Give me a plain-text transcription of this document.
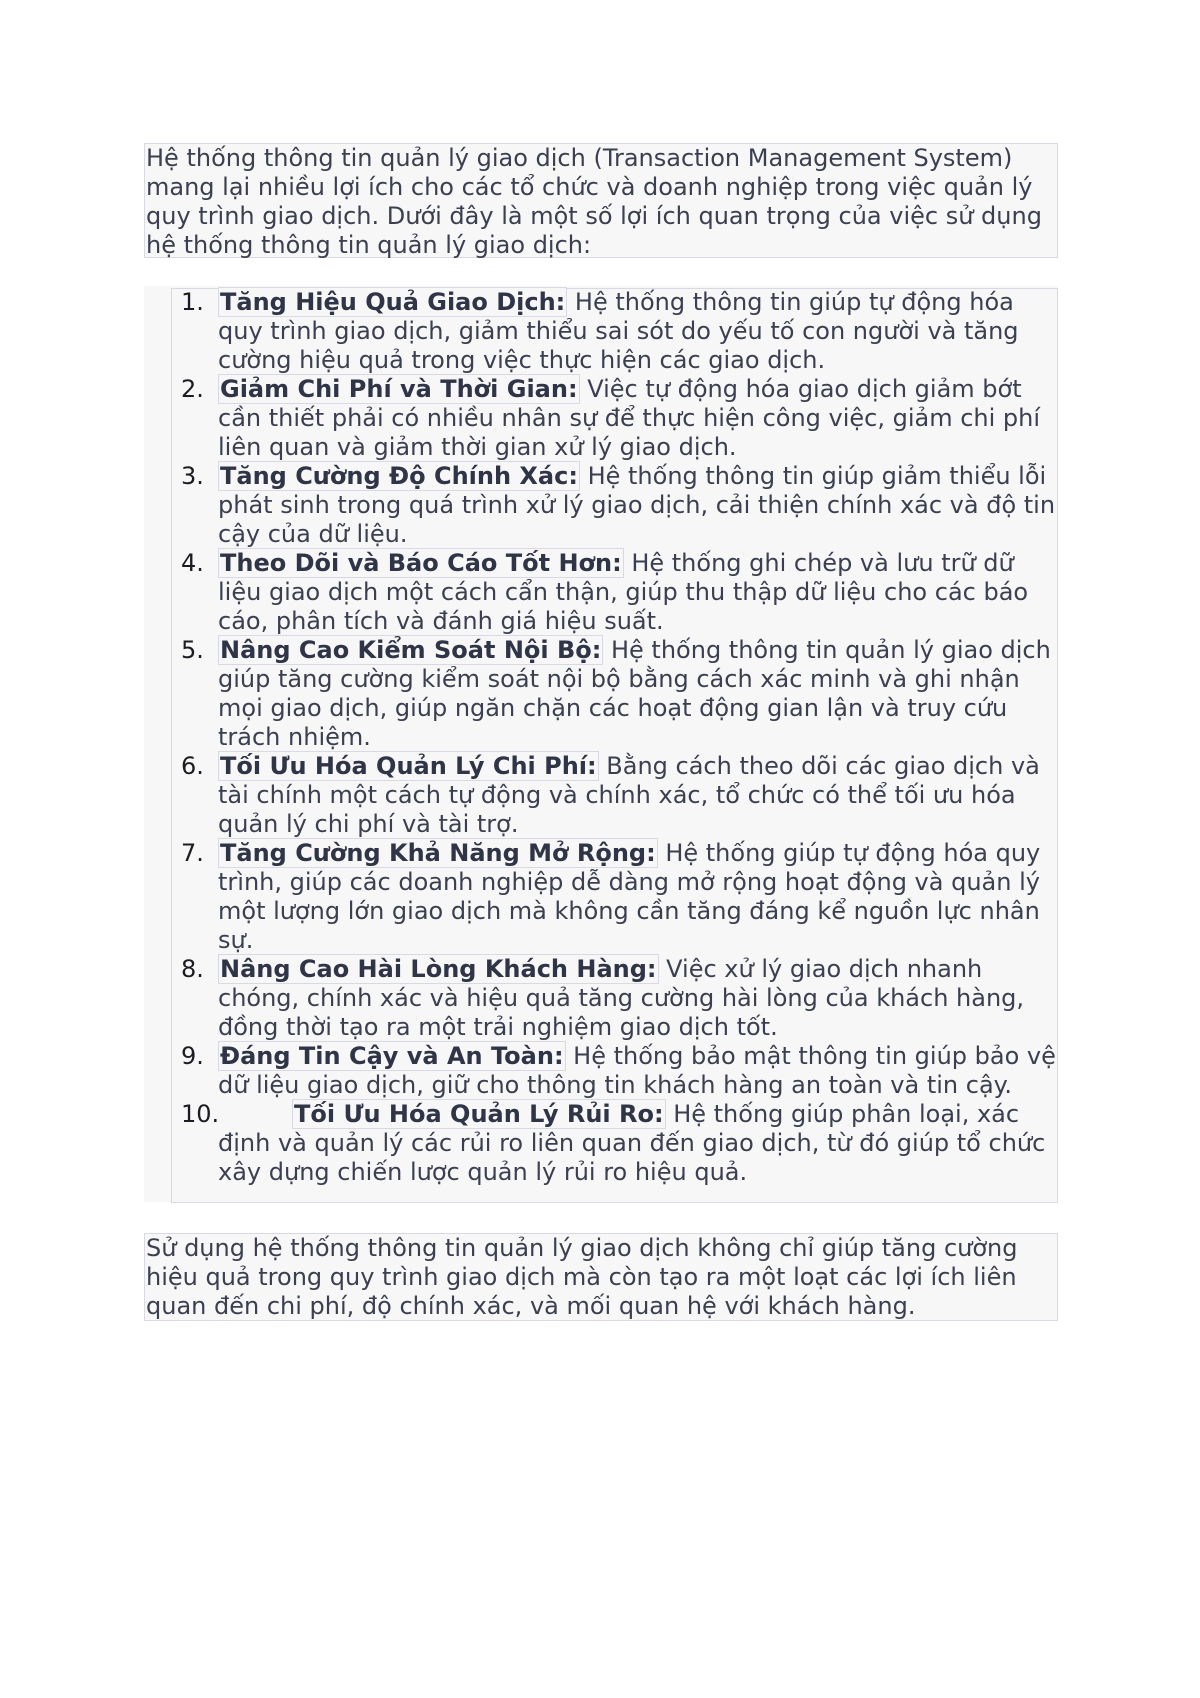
Hệ thống thông tin quản lý giao dịch (Transaction Management System) mang lại nhiều lợi ích cho các tổ chức và doanh nghiệp trong việc quản lý quy trình giao dịch. Dưới đây là một số lợi ích quan trọng của việc sử dụng hệ thống thông tin quản lý giao dịch:

1. Tăng Hiệu Quả Giao Dịch: Hệ thống thông tin giúp tự động hóa quy trình giao dịch, giảm thiểu sai sót do yếu tố con người và tăng cường hiệu quả trong việc thực hiện các giao dịch.
2. Giảm Chi Phí và Thời Gian: Việc tự động hóa giao dịch giảm bớt cần thiết phải có nhiều nhân sự để thực hiện công việc, giảm chi phí liên quan và giảm thời gian xử lý giao dịch.
3. Tăng Cường Độ Chính Xác: Hệ thống thông tin giúp giảm thiểu lỗi phát sinh trong quá trình xử lý giao dịch, cải thiện chính xác và độ tin cậy của dữ liệu.
4. Theo Dõi và Báo Cáo Tốt Hơn: Hệ thống ghi chép và lưu trữ dữ liệu giao dịch một cách cẩn thận, giúp thu thập dữ liệu cho các báo cáo, phân tích và đánh giá hiệu suất.
5. Nâng Cao Kiểm Soát Nội Bộ: Hệ thống thông tin quản lý giao dịch giúp tăng cường kiểm soát nội bộ bằng cách xác minh và ghi nhận mọi giao dịch, giúp ngăn chặn các hoạt động gian lận và truy cứu trách nhiệm.
6. Tối Ưu Hóa Quản Lý Chi Phí: Bằng cách theo dõi các giao dịch và tài chính một cách tự động và chính xác, tổ chức có thể tối ưu hóa quản lý chi phí và tài trợ.
7. Tăng Cường Khả Năng Mở Rộng: Hệ thống giúp tự động hóa quy trình, giúp các doanh nghiệp dễ dàng mở rộng hoạt động và quản lý một lượng lớn giao dịch mà không cần tăng đáng kể nguồn lực nhân sự.
8. Nâng Cao Hài Lòng Khách Hàng: Việc xử lý giao dịch nhanh chóng, chính xác và hiệu quả tăng cường hài lòng của khách hàng, đồng thời tạo ra một trải nghiệm giao dịch tốt.
9. Đáng Tin Cậy và An Toàn: Hệ thống bảo mật thông tin giúp bảo vệ dữ liệu giao dịch, giữ cho thông tin khách hàng an toàn và tin cậy.
10.	Tối Ưu Hóa Quản Lý Rủi Ro: Hệ thống giúp phân loại, xác định và quản lý các rủi ro liên quan đến giao dịch, từ đó giúp tổ chức xây dựng chiến lược quản lý rủi ro hiệu quả.

Sử dụng hệ thống thông tin quản lý giao dịch không chỉ giúp tăng cường hiệu quả trong quy trình giao dịch mà còn tạo ra một loạt các lợi ích liên quan đến chi phí, độ chính xác, và mối quan hệ với khách hàng.
